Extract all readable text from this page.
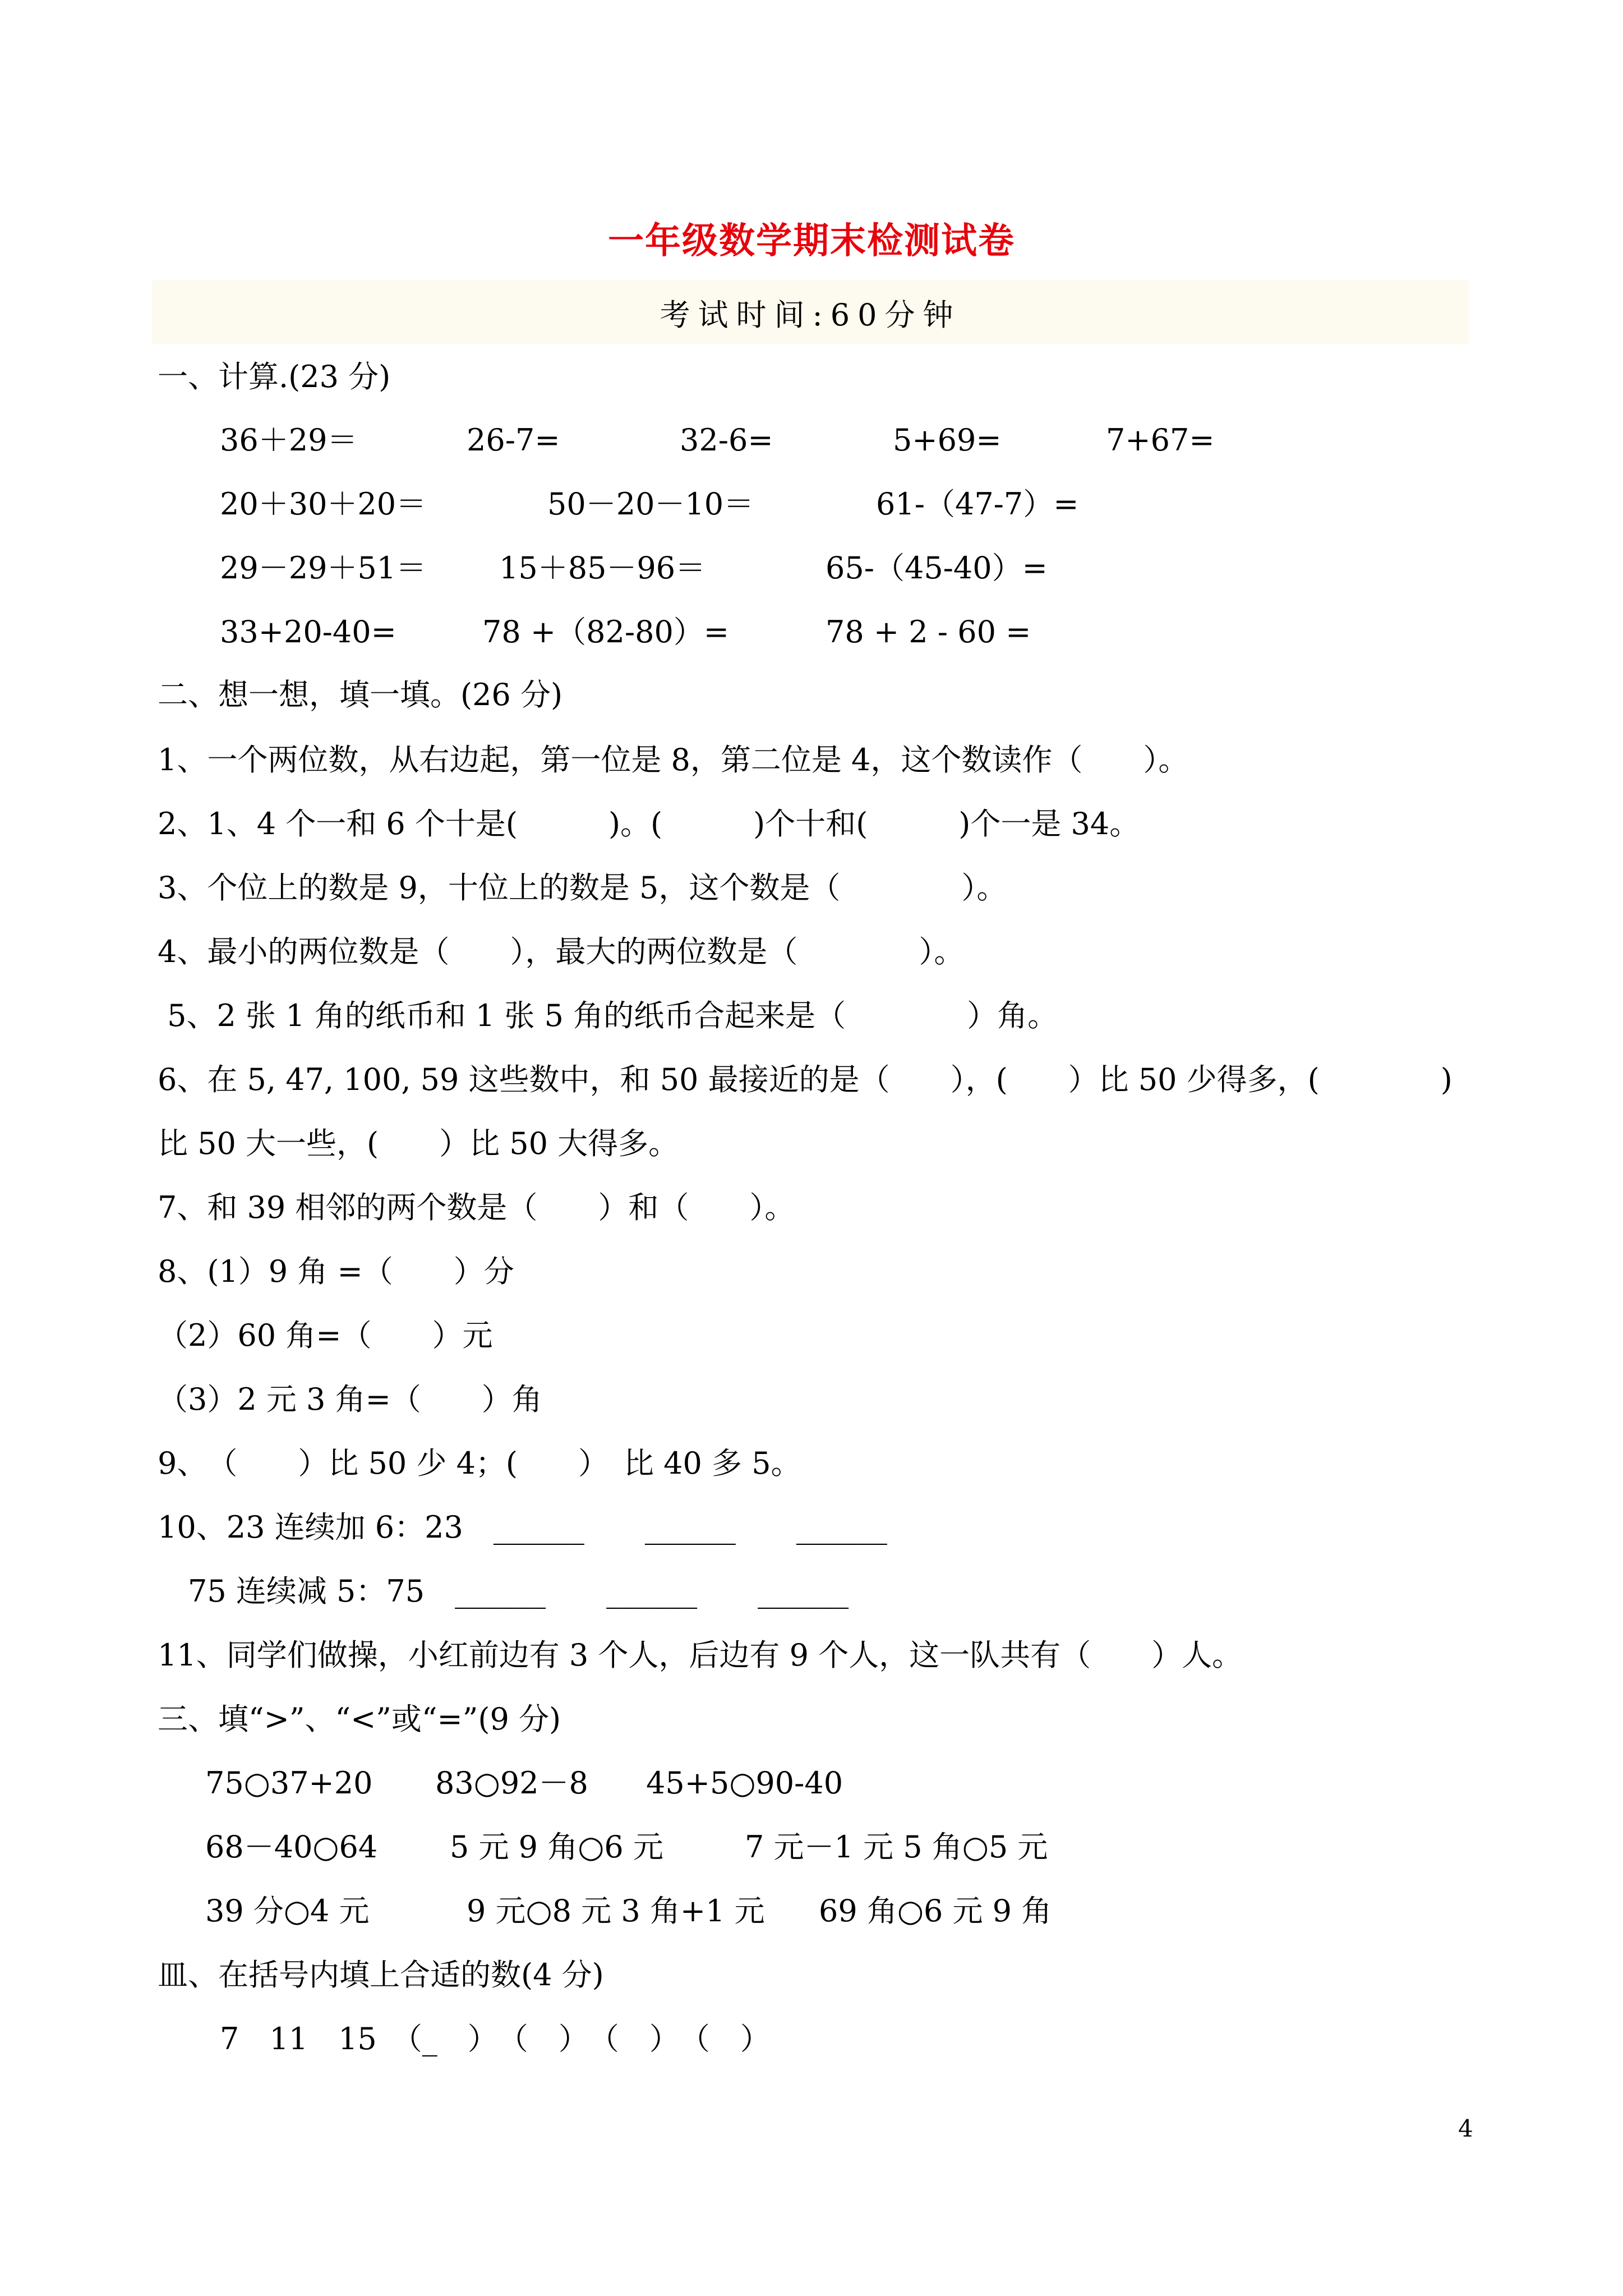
一年级数学期末检测试卷
考试时间:60分钟
一、计算.(23 分)
36＋29＝	26-7=	32-6=	5+69=	7+67=
20＋30＋20＝	50－20－10＝	61-（47-7）=
29－29＋51＝ 15＋85－96＝	65-（45-40）=
33+20-40=	78 +（82-80）=	78 + 2 - 60 =
二、想一想，填一填。(26 分)
1、一个两位数，从右边起，第一位是 8，第二位是 4，这个数读作（　　）。
2、1、4 个一和 6 个十是(　　　)。(　　　)个十和(　　　)个一是 34。
3、个位上的数是 9，十位上的数是 5，这个数是（　　　　）。
4、最小的两位数是（　　），最大的两位数是（　　　　）。
5、2 张 1 角的纸币和 1 张 5 角的纸币合起来是（　　　　）角。
6、在 5, 47, 100, 59 这些数中，和 50 最接近的是（　　），(　　）比 50 少得多，(　　　　)
比 50 大一些，(　　）比 50 大得多。
7、和 39 相邻的两个数是（　　）和（　　）。
8、(1）9 角 =（　　）分
（2）60 角=（　　）元
（3）2 元 3 角=（　　）角
9、　（　　）比 50 少 4；(　　）　比 40 多 5。
10、23 连续加 6：23　______　　______　　______
　75 连续减 5：75　______　　______　　______
11、同学们做操，小红前边有 3 个人，后边有 9 个人，这一队共有（　　）人。
三、填“>”、“<”或“=”(9 分)
75○37+20 83○92－8 45+5○90-40
68－40○64 5 元 9 角○6 元	7 元－1 元 5 角○5 元
39 分○4 元	9 元○8 元 3 角+1 元 69 角○6 元 9 角
皿、在括号内填上合适的数(4 分)
7　11　15　（_　）　（　）　（　）　（　）
4
